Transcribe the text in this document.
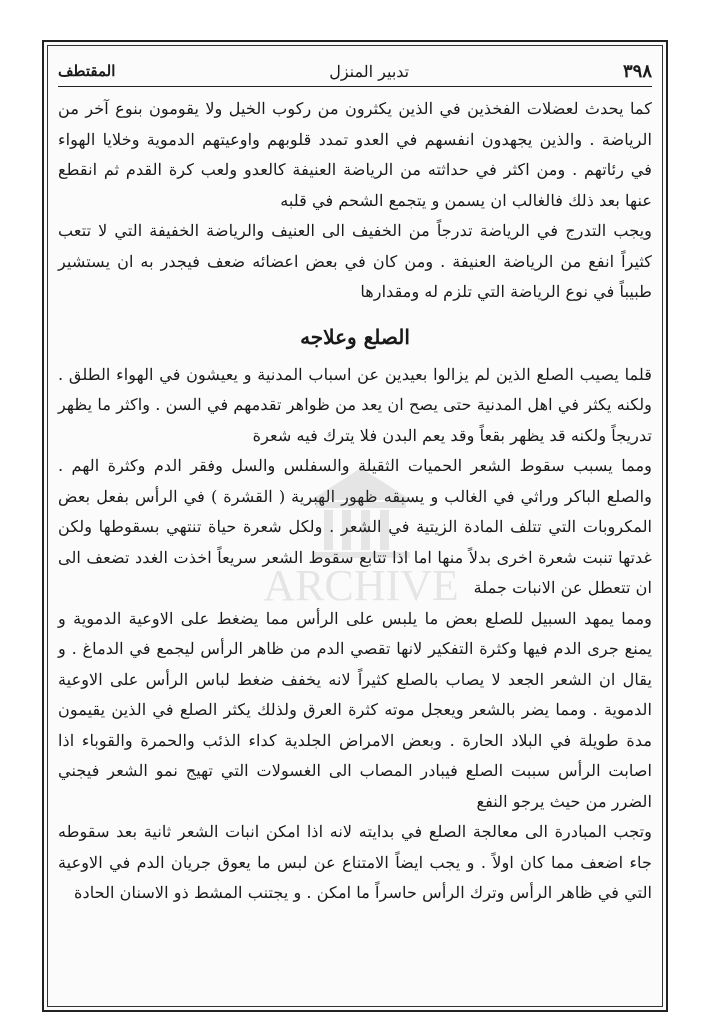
المقتطف	تدبير المنزل	٣٩٨

كما يحدث لعضلات الفخذين في الذين يكثرون من ركوب الخيل ولا يقومون بنوع آخر من الرياضة . والذين يجهدون انفسهم في العدو تمدد قلوبهم واوعيتهم الدموية وخلايا الهواء في رئاتهم . ومن اكثر في حداثته من الرياضة العنيفة كالعدو ولعب كرة القدم ثم انقطع عنها بعد ذلك فالغالب ان يسمن و يتجمع الشحم في قلبه

ويجب التدرج في الرياضة تدرجاً من الخفيف الى العنيف والرياضة الخفيفة التي لا تتعب كثيراً انفع من الرياضة العنيفة . ومن كان في بعض اعضائه ضعف فيجدر به ان يستشير طبيباً في نوع الرياضة التي تلزم له ومقدارها

الصلع وعلاجه

قلما يصيب الصلع الذين لم يزالوا بعيدين عن اسباب المدنية و يعيشون في الهواء الطلق . ولكنه يكثر في اهل المدنية حتى يصح ان يعد من ظواهر تقدمهم في السن . واكثر ما يظهر تدريجاً ولكنه قد يظهر بقعاً وقد يعم البدن فلا يترك فيه شعرة

ومما يسبب سقوط الشعر الحميات الثقيلة والسفلس والسل وفقر الدم وكثرة الهم . والصلع الباكر وراثي في الغالب و يسبقه ظهور الهبرية ( القشرة ) في الرأس بفعل بعض المكروبات التي تتلف المادة الزيتية في الشعر . ولكل شعرة حياة تنتهي بسقوطها ولكن غدتها تنبت شعرة اخرى بدلاً منها اما اذا تتابع سقوط الشعر سريعاً اخذت الغدد تضعف الى ان تتعطل عن الانبات جملة

ومما يمهد السبيل للصلع بعض ما يلبس على الرأس مما يضغط على الاوعية الدموية و يمنع جرى الدم فيها وكثرة التفكير لانها تقصي الدم من ظاهر الرأس ليجمع في الدماغ . و يقال ان الشعر الجعد لا يصاب بالصلع كثيراً لانه يخفف ضغط لباس الرأس على الاوعية الدموية . ومما يضر بالشعر ويعجل موته كثرة العرق ولذلك يكثر الصلع في الذين يقيمون مدة طويلة في البلاد الحارة . وبعض الامراض الجلدية كداء الذئب والحمرة والقوباء اذا اصابت الرأس سببت الصلع فيبادر المصاب الى الغسولات التي تهيج نمو الشعر فيجني الضرر من حيث يرجو النفع

وتجب المبادرة الى معالجة الصلع في بدايته لانه اذا امكن انبات الشعر ثانية بعد سقوطه جاء اضعف مما كان اولاً . و يجب ايضاً الامتناع عن لبس ما يعوق جريان الدم في الاوعية التي في ظاهر الرأس وترك الرأس حاسراً ما امكن . و يجتنب المشط ذو الاسنان الحادة
